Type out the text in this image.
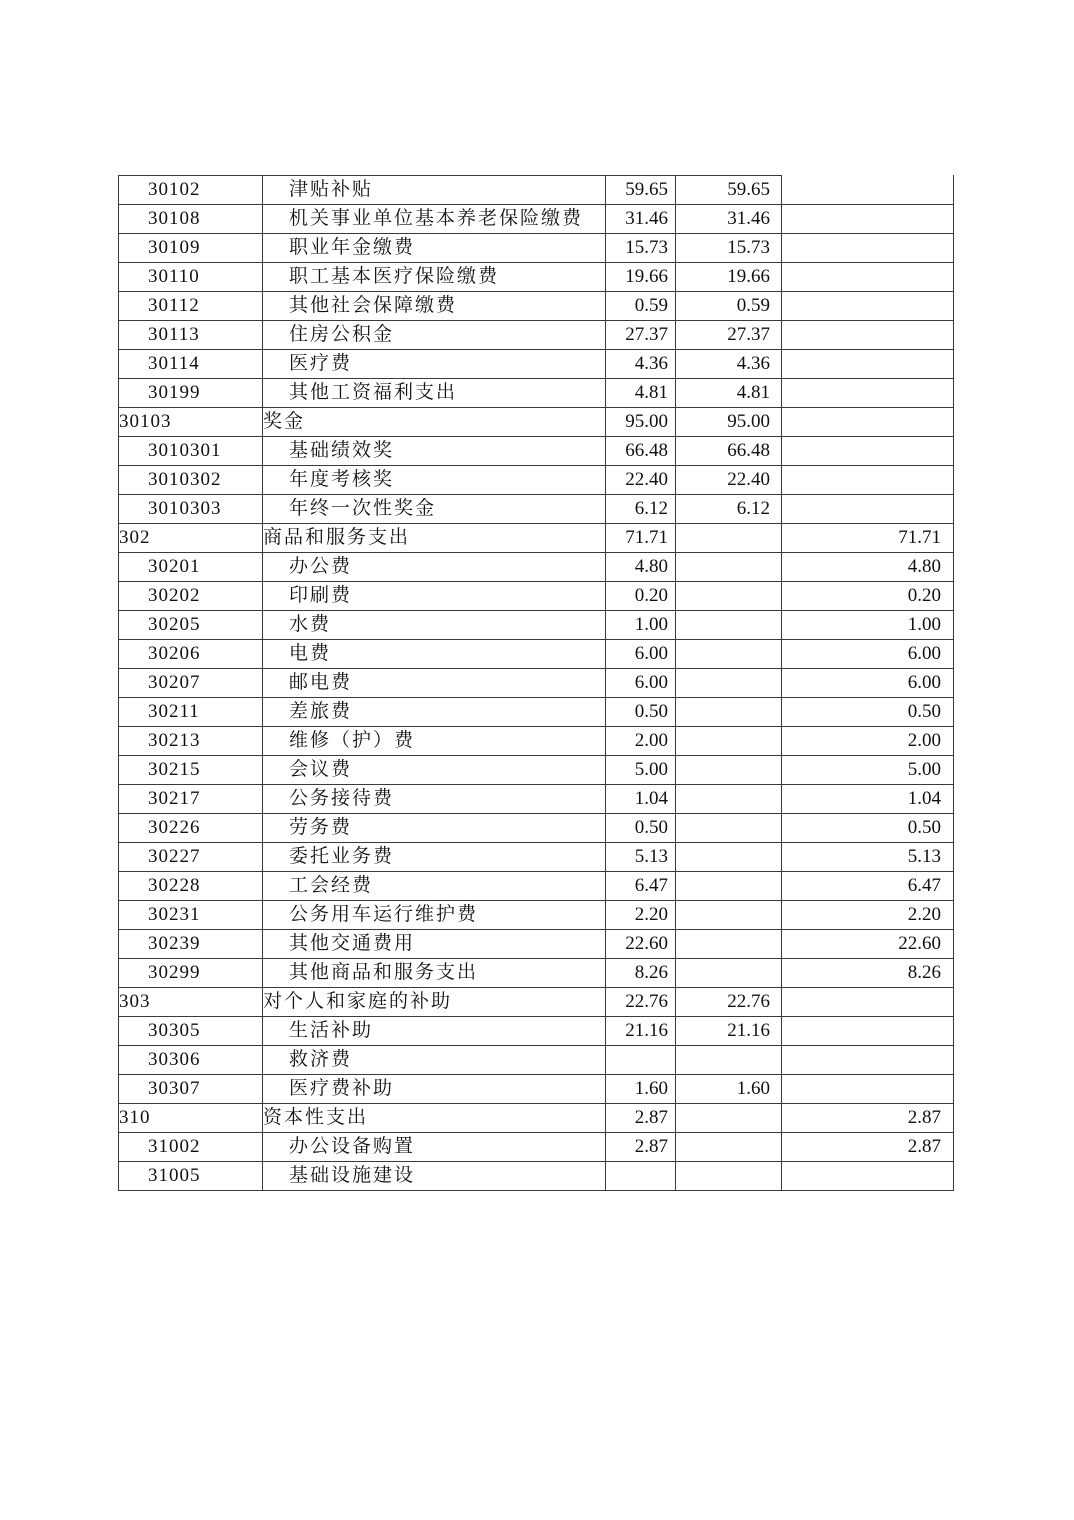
30102	津贴补贴	59.65	59.65	
30108	机关事业单位基本养老保险缴费	31.46	31.46	
30109	职业年金缴费	15.73	15.73	
30110	职工基本医疗保险缴费	19.66	19.66	
30112	其他社会保障缴费	0.59	0.59	
30113	住房公积金	27.37	27.37	
30114	医疗费	4.36	4.36	
30199	其他工资福利支出	4.81	4.81	
30103	奖金	95.00	95.00	
3010301	基础绩效奖	66.48	66.48	
3010302	年度考核奖	22.40	22.40	
3010303	年终一次性奖金	6.12	6.12	
302	商品和服务支出	71.71		71.71
30201	办公费	4.80		4.80
30202	印刷费	0.20		0.20
30205	水费	1.00		1.00
30206	电费	6.00		6.00
30207	邮电费	6.00		6.00
30211	差旅费	0.50		0.50
30213	维修（护）费	2.00		2.00
30215	会议费	5.00		5.00
30217	公务接待费	1.04		1.04
30226	劳务费	0.50		0.50
30227	委托业务费	5.13		5.13
30228	工会经费	6.47		6.47
30231	公务用车运行维护费	2.20		2.20
30239	其他交通费用	22.60		22.60
30299	其他商品和服务支出	8.26		8.26
303	对个人和家庭的补助	22.76	22.76	
30305	生活补助	21.16	21.16	
30306	救济费			
30307	医疗费补助	1.60	1.60	
310	资本性支出	2.87		2.87
31002	办公设备购置	2.87		2.87
31005	基础设施建设			
